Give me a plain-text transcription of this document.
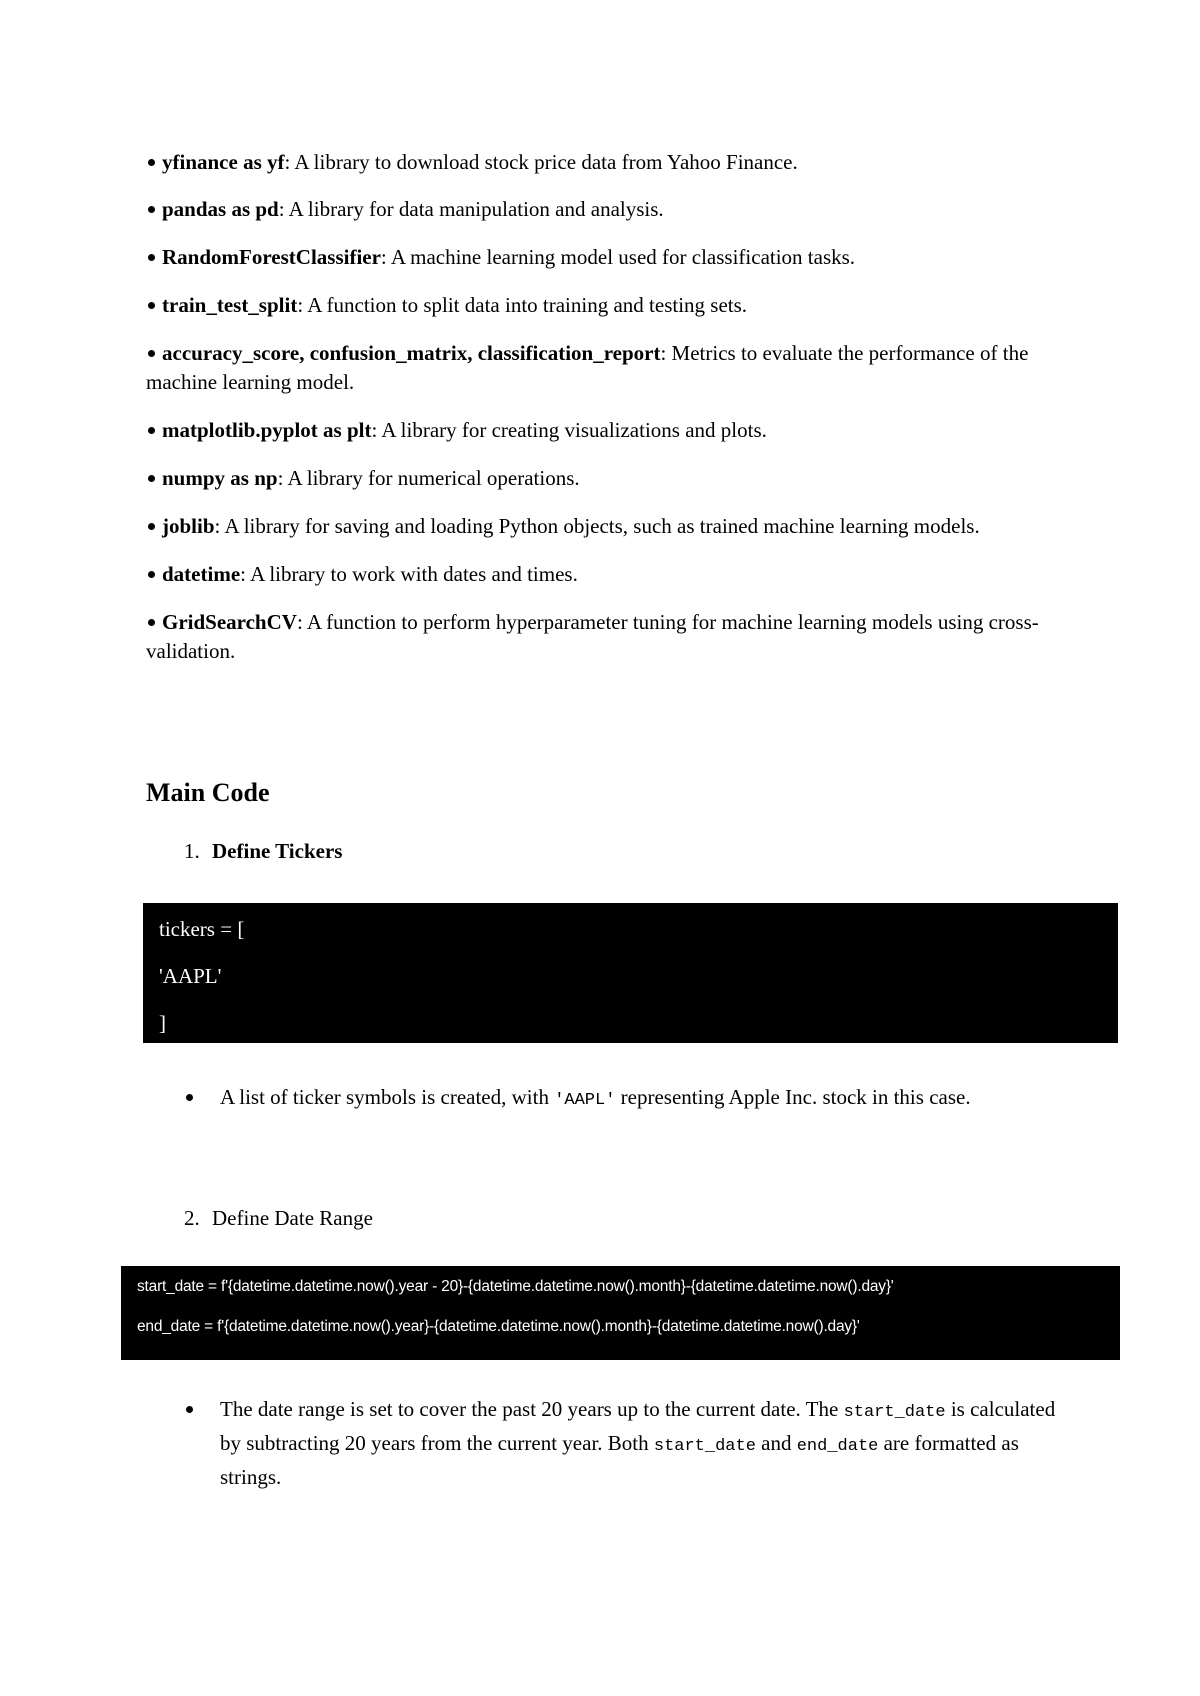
yfinance as yf: A library to download stock price data from Yahoo Finance.
pandas as pd: A library for data manipulation and analysis.
RandomForestClassifier: A machine learning model used for classification tasks.
train_test_split: A function to split data into training and testing sets.
accuracy_score, confusion_matrix, classification_report: Metrics to evaluate the performance of the machine learning model.
matplotlib.pyplot as plt: A library for creating visualizations and plots.
numpy as np: A library for numerical operations.
joblib: A library for saving and loading Python objects, such as trained machine learning models.
datetime: A library to work with dates and times.
GridSearchCV: A function to perform hyperparameter tuning for machine learning models using cross-validation.
Main Code
1. Define Tickers
tickers = [
'AAPL'
]
A list of ticker symbols is created, with 'AAPL' representing Apple Inc. stock in this case.
2. Define Date Range
start_date = f'{datetime.datetime.now().year - 20}-{datetime.datetime.now().month}-{datetime.datetime.now().day}'
end_date = f'{datetime.datetime.now().year}-{datetime.datetime.now().month}-{datetime.datetime.now().day}'
The date range is set to cover the past 20 years up to the current date. The start_date is calculated by subtracting 20 years from the current year. Both start_date and end_date are formatted as strings.
